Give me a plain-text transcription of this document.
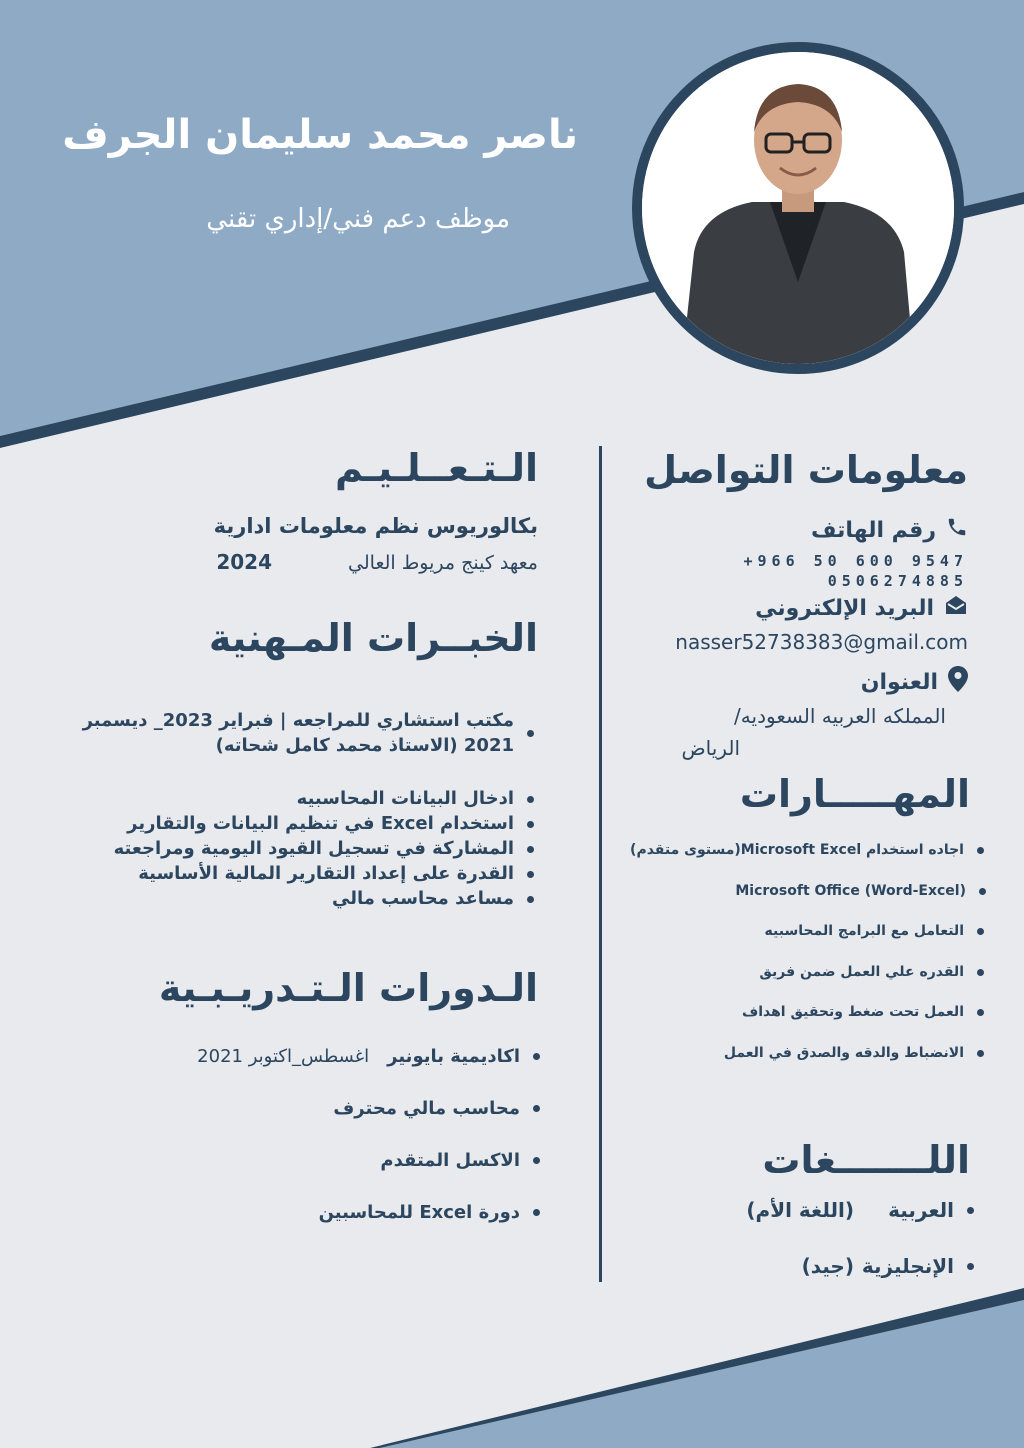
ناصر محمد سليمان الجرف
موظف دعم فني/إداري تقني
معلومات التواصل
رقم الهاتف
+966 50 600 9547
0506274885
البريد الإلكتروني
nasser52738383@gmail.com
العنوان
المملكه العربيه السعوديه/
الرياض
المهـــــارات
اجاده استخدام Microsoft Excel(مستوى متقدم)
Microsoft Office (Word-Excel)
التعامل مع البرامج المحاسبيه
القدره علي العمل ضمن فريق
العمل تحت ضغط وتحقيق اهداف
الانضباط والدقه والصدق في العمل
اللـــــــغات
العربية
(اللغة الأم)
الإنجليزية
(جيد)
الـتـعــلـيـم
بكالوريوس نظم معلومات ادارية
معهد كينج مريوط العالي
2024
الخبــرات المـهنية
مكتب استشاري للمراجعه | فبراير 2023_ ديسمبر
2021 (الاستاذ محمد كامل شحاته)
ادخال البيانات المحاسبيه
استخدام Excel في تنظيم البيانات والتقارير
المشاركة في تسجيل القيود اليومية ومراجعته
القدرة على إعداد التقارير المالية الأساسية
مساعد محاسب مالي
الـدورات الـتـدريـبـية
اكاديمية بايونير
اغسطس_اكتوبر 2021
محاسب مالي محترف
الاكسل المتقدم
دورة Excel للمحاسبين
